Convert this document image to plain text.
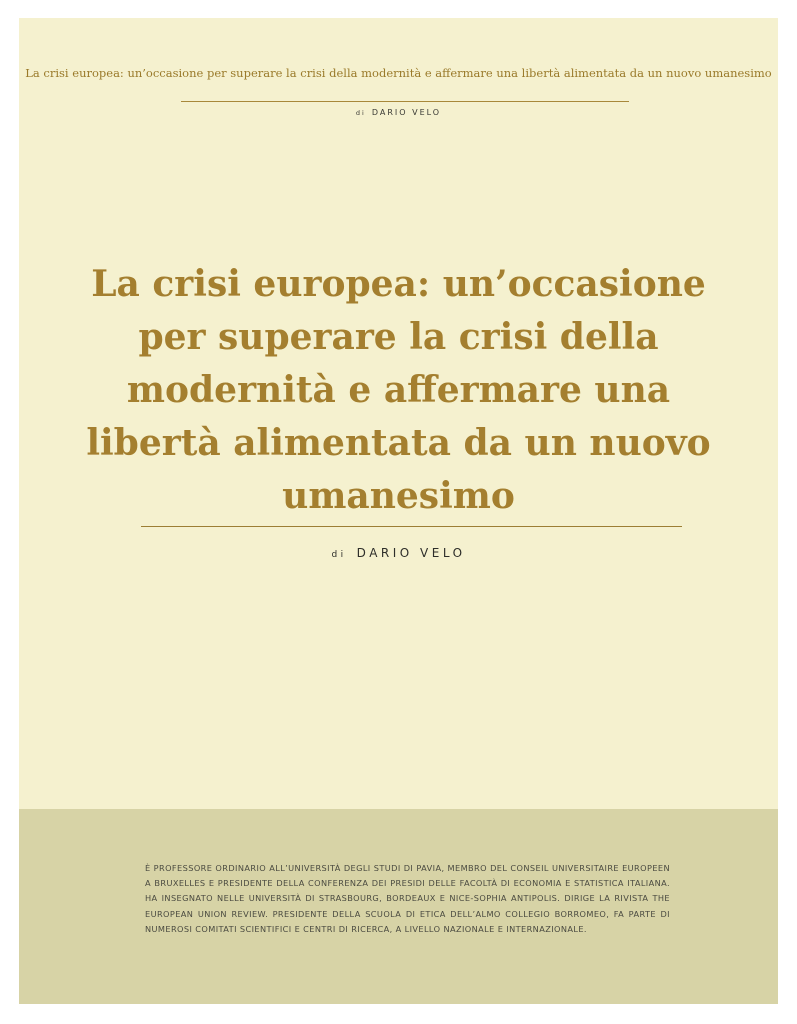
La crisi europea: un’occasione per superare la crisi della modernità e affermare una libertà alimentata da un nuovo umanesimo

di DARIO VELO
La crisi europea: un’occasione per superare la crisi della modernità e affermare una libertà alimentata da un nuovo umanesimo
di DARIO VELO

È PROFESSORE ORDINARIO ALL’UNIVERSITÀ DEGLI STUDI DI PAVIA, MEMBRO DEL CONSEIL UNIVERSITAIRE EUROPEEN A BRUXELLES E PRESIDENTE DELLA CONFERENZA DEI PRESIDI DELLE FACOLTÀ DI ECONOMIA E STATISTICA ITALIANA. HA INSEGNATO NELLE UNIVERSITÀ DI STRASBOURG, BORDEAUX E NICE-SOPHIA ANTIPOLIS. DIRIGE LA RIVISTA THE EUROPEAN UNION REVIEW. PRESIDENTE DELLA SCUOLA DI ETICA DELL’ALMO COLLEGIO BORROMEO, FA PARTE DI NUMEROSI COMITATI SCIENTIFICI E CENTRI DI RICERCA, A LIVELLO NAZIONALE E INTERNAZIONALE.
